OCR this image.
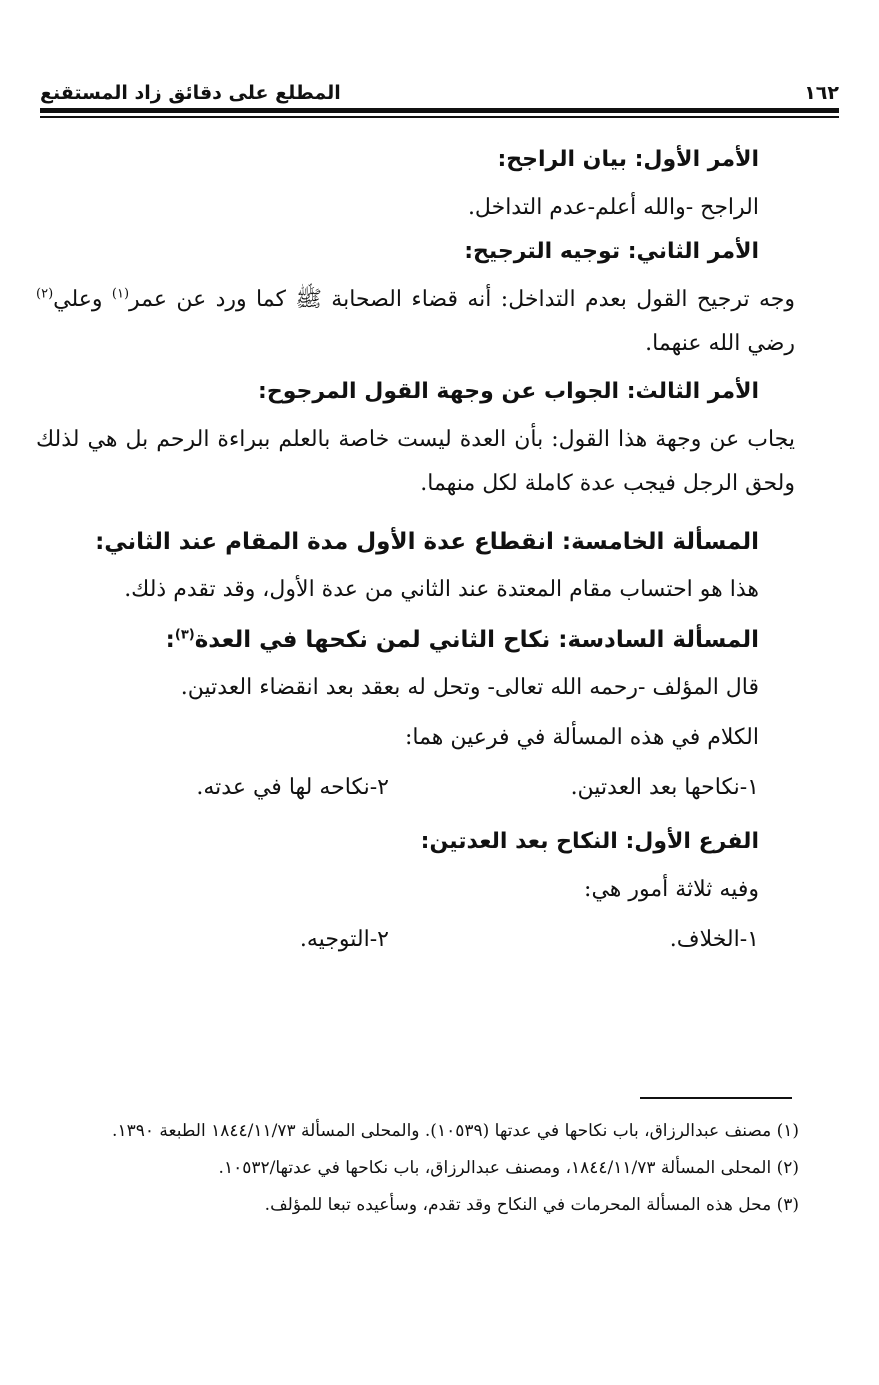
١٦٢
المطلع على دقائق زاد المستقنع
الأمر الأول: بيان الراجح:
الراجح -والله أعلم-عدم التداخل.
الأمر الثاني: توجيه الترجيح:
وجه ترجيح القول بعدم التداخل: أنه قضاء الصحابة ﷺ كما ورد عن عمر$^{(١)}$ وعلي$^{(٢)}$ رضي الله عنهما.
الأمر الثالث: الجواب عن وجهة القول المرجوح:
يجاب عن وجهة هذا القول: بأن العدة ليست خاصة بالعلم ببراءة الرحم بل هي لذلك ولحق الرجل فيجب عدة كاملة لكل منهما.
المسألة الخامسة: انقطاع عدة الأول مدة المقام عند الثاني:
هذا هو احتساب مقام المعتدة عند الثاني من عدة الأول، وقد تقدم ذلك.
المسألة السادسة: نكاح الثاني لمن نكحها في العدة$^{(٣)}$:
قال المؤلف -رحمه الله تعالى- وتحل له بعقد بعد انقضاء العدتين.
الكلام في هذه المسألة في فرعين هما:
١-نكاحها بعد العدتين.
٢-نكاحه لها في عدته.
الفرع الأول: النكاح بعد العدتين:
وفيه ثلاثة أمور هي:
١-الخلاف.
٢-التوجيه.
(١) مصنف عبدالرزاق، باب نكاحها في عدتها (١٠٥٣٩). والمحلى المسألة ١٨٤٤/١١/٧٣ الطبعة ١٣٩٠.
(٢) المحلى المسألة ١٨٤٤/١١/٧٣، ومصنف عبدالرزاق، باب نكاحها في عدتها/١٠٥٣٢.
(٣) محل هذه المسألة المحرمات في النكاح وقد تقدم، وسأعيده تبعا للمؤلف.
